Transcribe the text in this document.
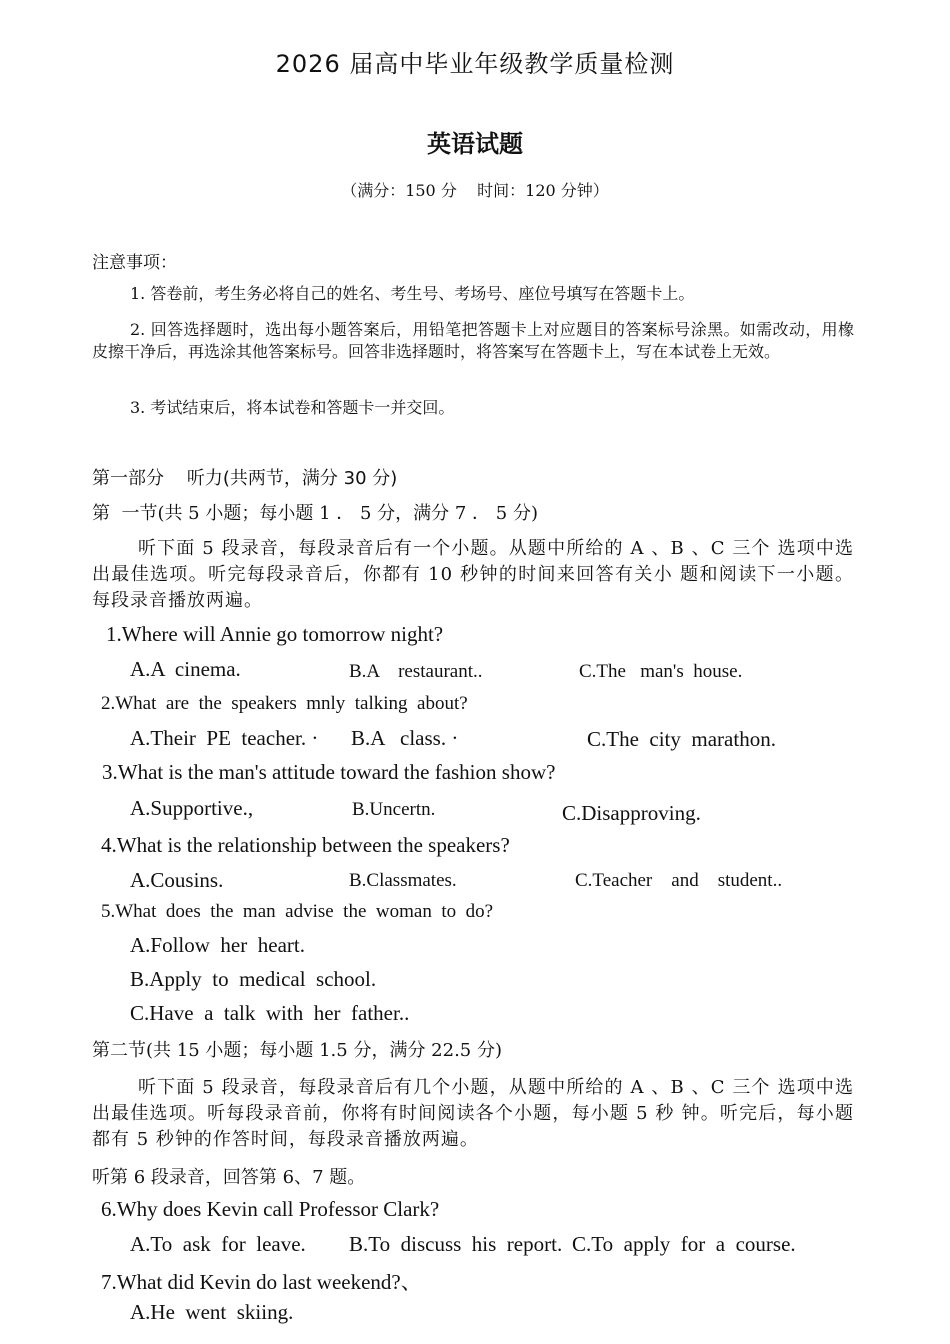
2026 届高中毕业年级教学质量检测
英语试题
（满分：150 分    时间：120 分钟）
注意事项：
1. 答卷前，考生务必将自己的姓名、考生号、考场号、座位号填写在答题卡上。
2. 回答选择题时，选出每小题答案后，用铅笔把答题卡上对应题目的答案标号涂黑。如需改动，用橡皮擦干净后，再选涂其他答案标号。回答非选择题时，将答案写在答题卡上，写在本试卷上无效。
3. 考试结束后，将本试卷和答题卡一并交回。
第一部分    听力(共两节，满分 30 分)
第  一节(共 5 小题；每小题 1 ． 5 分，满分 7 ． 5 分)
听下面 5 段录音，每段录音后有一个小题。从题中所给的 A 、B 、C 三个 选项中选出最佳选项。听完每段录音后，你都有 10 秒钟的时间来回答有关小 题和阅读下一小题。每段录音播放两遍。
1.Where will Annie go tomorrow night?
A.A  cinema.	B.A    restaurant..	C.The   man's  house.
2.What  are  the  speakers  mnly  talking  about?
A.Their  PE  teacher. · B.A   class. ·	C.The  city  marathon.
3.What is the man's attitude toward the fashion show?
A.Supportive.,	B.Uncertn.	C.Disapproving.
4.What is the relationship between the speakers?
A.Cousins.	B.Classmates.	C.Teacher    and    student..
5.What  does  the  man  advise  the  woman  to  do?
A.Follow  her  heart.
B.Apply  to  medical  school.
C.Have  a  talk  with  her  father..
第二节(共 15 小题；每小题 1.5 分，满分 22.5 分)
听下面 5 段录音，每段录音后有几个小题，从题中所给的 A 、B 、C 三个 选项中选出最佳选项。听每段录音前，你将有时间阅读各个小题，每小题 5 秒 钟。听完后，每小题都有 5 秒钟的作答时间，每段录音播放两遍。
听第 6 段录音，回答第 6、7 题。
6.Why does Kevin call Professor Clark?
A.To  ask  for  leave. B.To  discuss  his  report. C.To  apply  for  a  course.
7.What did Kevin do last weekend?、
A.He  went  skiing.
